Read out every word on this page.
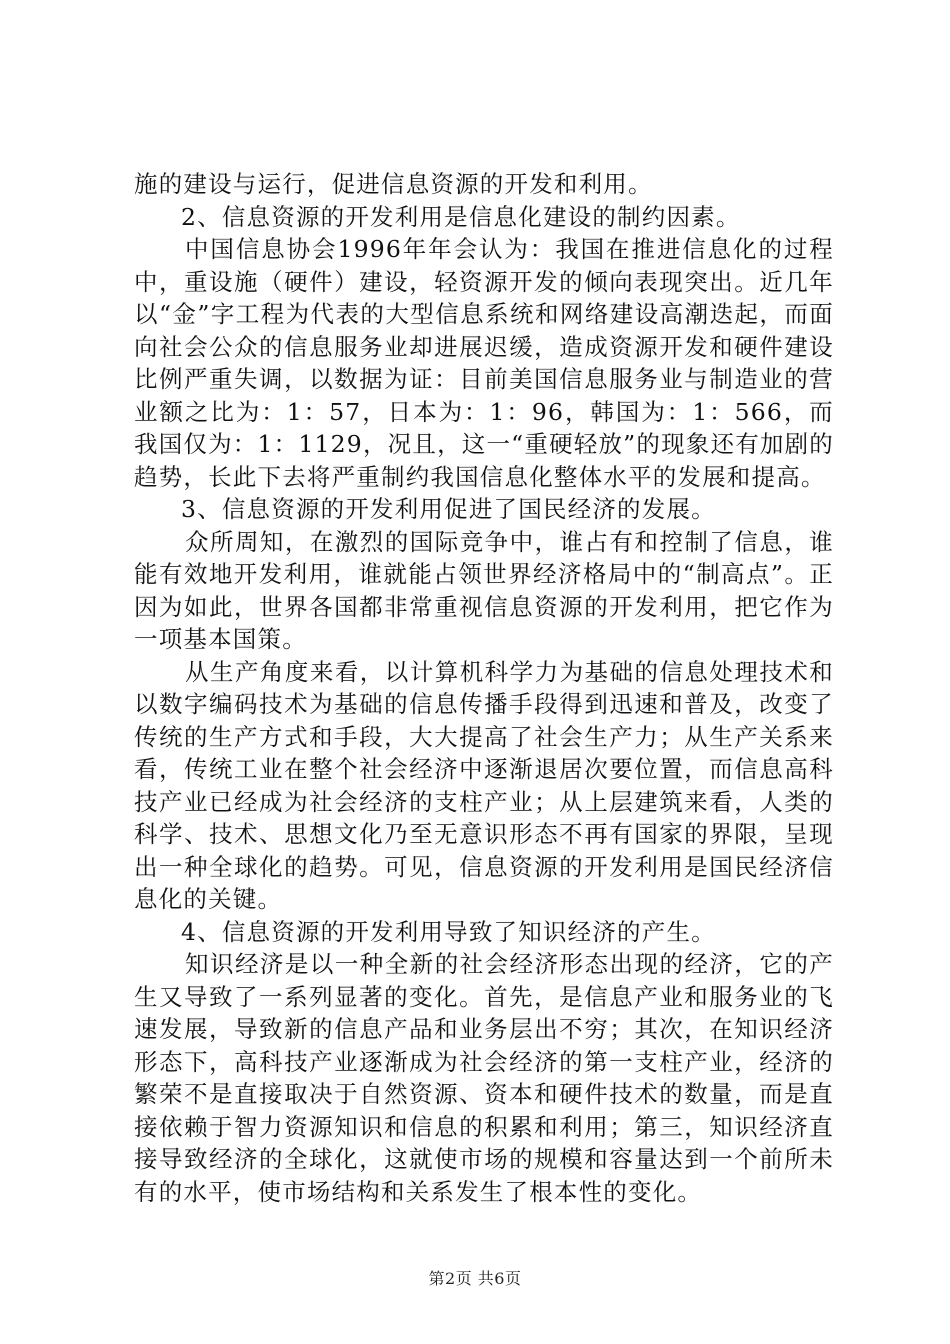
施的建设与运行，促进信息资源的开发和利用。

2、信息资源的开发利用是信息化建设的制约因素。

中国信息协会1996年年会认为：我国在推进信息化的过程中，重设施（硬件）建设，轻资源开发的倾向表现突出。近几年以“金”字工程为代表的大型信息系统和网络建设高潮迭起，而面向社会公众的信息服务业却进展迟缓，造成资源开发和硬件建设比例严重失调，以数据为证：目前美国信息服务业与制造业的营业额之比为：1：57，日本为：1：96，韩国为：1：566，而我国仅为：1：1129，况且，这一“重硬轻放”的现象还有加剧的趋势，长此下去将严重制约我国信息化整体水平的发展和提高。

3、信息资源的开发利用促进了国民经济的发展。

众所周知，在激烈的国际竞争中，谁占有和控制了信息，谁能有效地开发利用，谁就能占领世界经济格局中的“制高点”。正因为如此，世界各国都非常重视信息资源的开发利用，把它作为一项基本国策。

从生产角度来看，以计算机科学力为基础的信息处理技术和以数字编码技术为基础的信息传播手段得到迅速和普及，改变了传统的生产方式和手段，大大提高了社会生产力；从生产关系来看，传统工业在整个社会经济中逐渐退居次要位置，而信息高科技产业已经成为社会经济的支柱产业；从上层建筑来看，人类的科学、技术、思想文化乃至无意识形态不再有国家的界限，呈现出一种全球化的趋势。可见，信息资源的开发利用是国民经济信息化的关键。

4、信息资源的开发利用导致了知识经济的产生。

知识经济是以一种全新的社会经济形态出现的经济，它的产生又导致了一系列显著的变化。首先，是信息产业和服务业的飞速发展，导致新的信息产品和业务层出不穷；其次，在知识经济形态下，高科技产业逐渐成为社会经济的第一支柱产业，经济的繁荣不是直接取决于自然资源、资本和硬件技术的数量，而是直接依赖于智力资源知识和信息的积累和利用；第三，知识经济直接导致经济的全球化，这就使市场的规模和容量达到一个前所未有的水平，使市场结构和关系发生了根本性的变化。

第2页 共6页
